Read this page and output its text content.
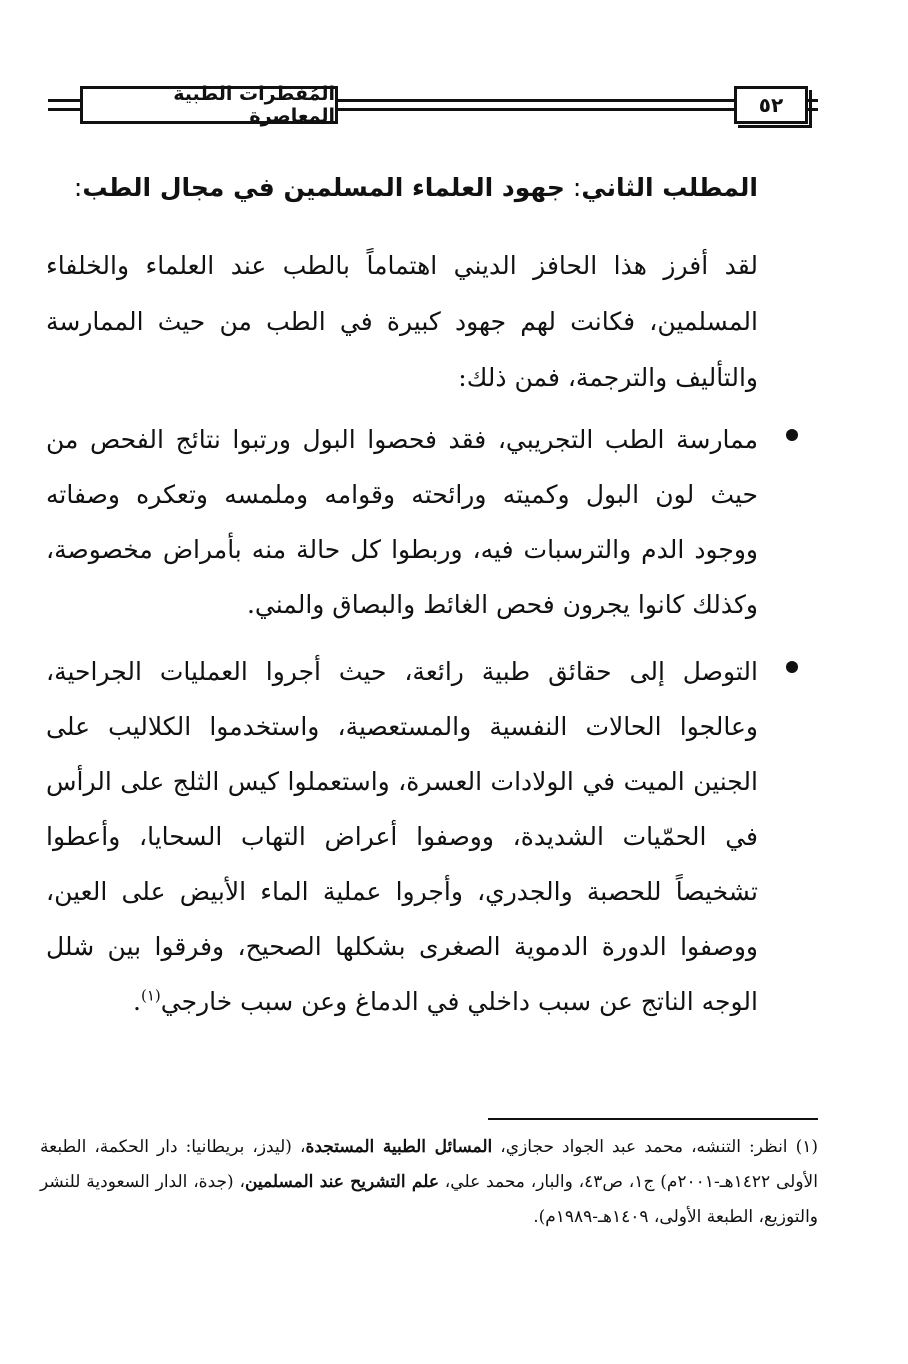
المُفطرات الطبية المعاصرة	٥٢
المطلب الثاني: جهود العلماء المسلمين في مجال الطب:

لقد أفرز هذا الحافز الديني اهتماماً بالطب عند العلماء والخلفاء المسلمين، فكانت لهم جهود كبيرة في الطب من حيث الممارسة والتأليف والترجمة، فمن ذلك:

ممارسة الطب التجريبي، فقد فحصوا البول ورتبوا نتائج الفحص من حيث لون البول وكميته ورائحته وقوامه وملمسه وتعكره وصفاته ووجود الدم والترسبات فيه، وربطوا كل حالة منه بأمراض مخصوصة، وكذلك كانوا يجرون فحص الغائط والبصاق والمني.
التوصل إلى حقائق طبية رائعة، حيث أجروا العمليات الجراحية، وعالجوا الحالات النفسية والمستعصية، واستخدموا الكلاليب على الجنين الميت في الولادات العسرة، واستعملوا كيس الثلج على الرأس في الحمّيات الشديدة، ووصفوا أعراض التهاب السحايا، وأعطوا تشخيصاً للحصبة والجدري، وأجروا عملية الماء الأبيض على العين، ووصفوا الدورة الدموية الصغرى بشكلها الصحيح، وفرقوا بين شلل الوجه الناتج عن سبب داخلي في الدماغ وعن سبب خارجي$^{(١)}$.

(١) انظر: التنشه، محمد عبد الجواد حجازي، المسائل الطبية المستجدة، (ليدز، بريطانيا: دار الحكمة، الطبعة الأولى ١٤٢٢هـ-٢٠٠١م) ج١، ص٤٣، والبار، محمد علي، علم التشريح عند المسلمين، (جدة، الدار السعودية للنشر والتوزيع، الطبعة الأولى، ١٤٠٩هـ-١٩٨٩م).
